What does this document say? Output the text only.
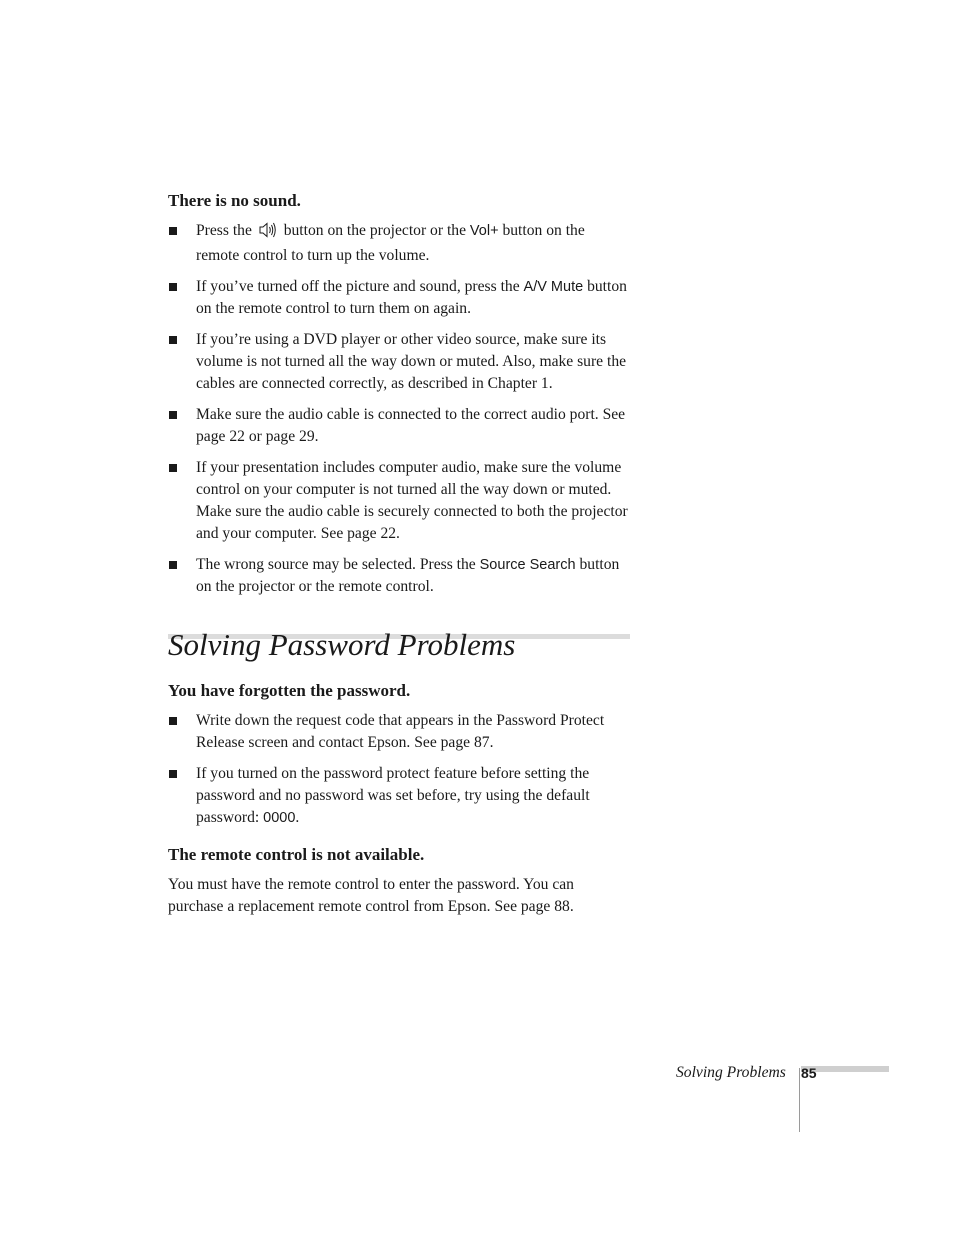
There is no sound.
Press the button on the projector or the Vol+ button on the remote control to turn up the volume.
If you’ve turned off the picture and sound, press the A/V Mute button on the remote control to turn them on again.
If you’re using a DVD player or other video source, make sure its volume is not turned all the way down or muted. Also, make sure the cables are connected correctly, as described in Chapter 1.
Make sure the audio cable is connected to the correct audio port. See page 22 or page 29.
If your presentation includes computer audio, make sure the volume control on your computer is not turned all the way down or muted. Make sure the audio cable is securely connected to both the projector and your computer. See page 22.
The wrong source may be selected. Press the Source Search button on the projector or the remote control.
Solving Password Problems
You have forgotten the password.
Write down the request code that appears in the Password Protect Release screen and contact Epson. See page 87.
If you turned on the password protect feature before setting the password and no password was set before, try using the default password: 0000.
The remote control is not available.

You must have the remote control to enter the password. You can purchase a replacement remote control from Epson. See page 88.

Solving Problems 85
